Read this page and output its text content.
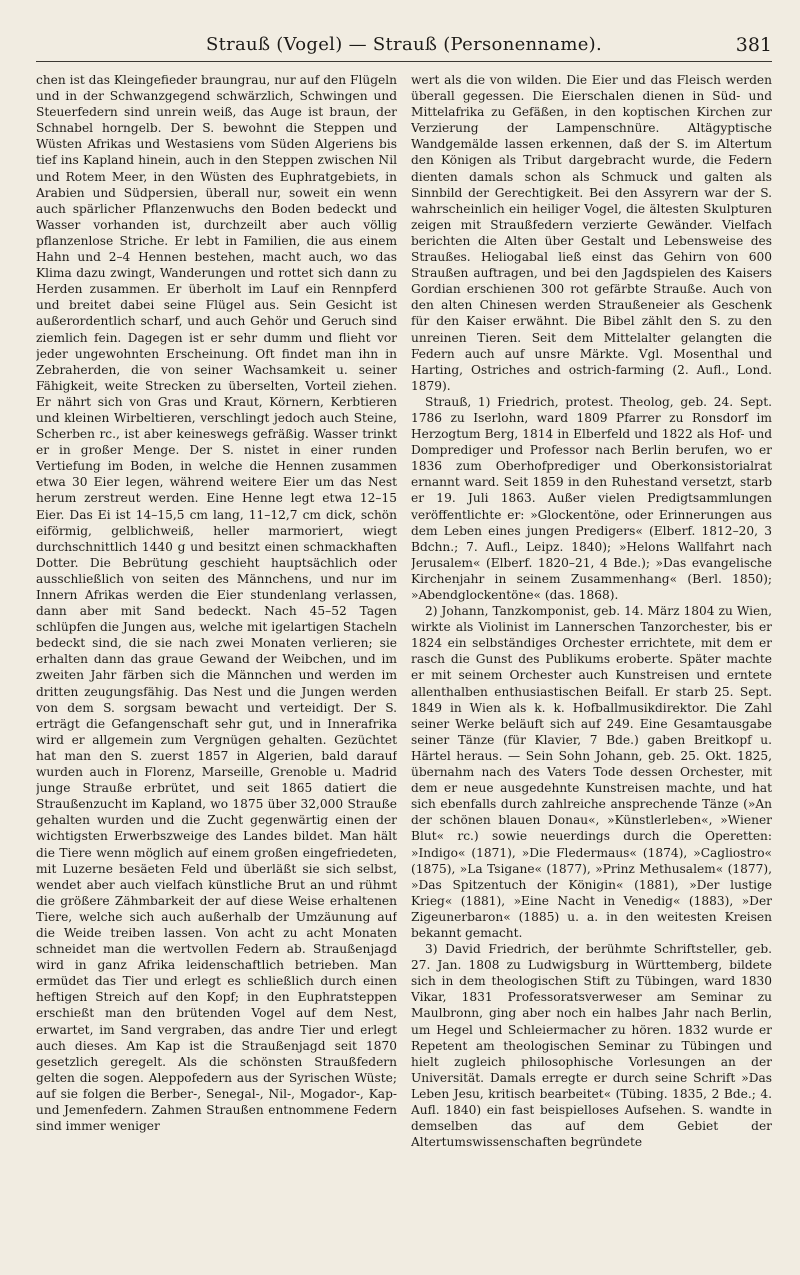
Strauß (Vogel) — Strauß (Personenname).	381

chen ist das Kleingefieder braungrau, nur auf den Flügeln und in der Schwanzgegend schwärzlich, Schwingen und Steuerfedern sind unrein weiß, das Auge ist braun, der Schnabel horngelb. Der S. bewohnt die Steppen und Wüsten Afrikas und Westasiens vom Süden Algeriens bis tief ins Kapland hinein, auch in den Steppen zwischen Nil und Rotem Meer, in den Wüsten des Euphratgebiets, in Arabien und Südpersien, überall nur, soweit ein wenn auch spärlicher Pflanzenwuchs den Boden bedeckt und Wasser vorhanden ist, durchzeilt aber auch völlig pflanzenlose Striche. Er lebt in Familien, die aus einem Hahn und 2–4 Hennen bestehen, macht auch, wo das Klima dazu zwingt, Wanderungen und rottet sich dann zu Herden zusammen. Er überholt im Lauf ein Rennpferd und breitet dabei seine Flügel aus. Sein Gesicht ist außerordentlich scharf, und auch Gehör und Geruch sind ziemlich fein. Dagegen ist er sehr dumm und flieht vor jeder ungewohnten Erscheinung. Oft findet man ihn in Zebraherden, die von seiner Wachsamkeit u. seiner Fähigkeit, weite Strecken zu überselten, Vorteil ziehen. Er nährt sich von Gras und Kraut, Körnern, Kerbtieren und kleinen Wirbeltieren, verschlingt jedoch auch Steine, Scherben rc., ist aber keineswegs gefräßig. Wasser trinkt er in großer Menge. Der S. nistet in einer runden Vertiefung im Boden, in welche die Hennen zusammen etwa 30 Eier legen, während weitere Eier um das Nest herum zerstreut werden. Eine Henne legt etwa 12–15 Eier. Das Ei ist 14–15,5 cm lang, 11–12,7 cm dick, schön eiförmig, gelblichweiß, heller marmoriert, wiegt durchschnittlich 1440 g und besitzt einen schmackhaften Dotter. Die Bebrütung geschieht hauptsächlich oder ausschließlich von seiten des Männchens, und nur im Innern Afrikas werden die Eier stundenlang verlassen, dann aber mit Sand bedeckt. Nach 45–52 Tagen schlüpfen die Jungen aus, welche mit igelartigen Stacheln bedeckt sind, die sie nach zwei Monaten verlieren; sie erhalten dann das graue Gewand der Weibchen, und im zweiten Jahr färben sich die Männchen und werden im dritten zeugungsfähig. Das Nest und die Jungen werden von dem S. sorgsam bewacht und verteidigt. Der S. erträgt die Gefangenschaft sehr gut, und in Innerafrika wird er allgemein zum Vergnügen gehalten. Gezüchtet hat man den S. zuerst 1857 in Algerien, bald darauf wurden auch in Florenz, Marseille, Grenoble u. Madrid junge Strauße erbrütet, und seit 1865 datiert die Straußenzucht im Kapland, wo 1875 über 32,000 Strauße gehalten wurden und die Zucht gegenwärtig einen der wichtigsten Erwerbszweige des Landes bildet. Man hält die Tiere wenn möglich auf einem großen eingefriedeten, mit Luzerne besäeten Feld und überläßt sie sich selbst, wendet aber auch vielfach künstliche Brut an und rühmt die größere Zähmbarkeit der auf diese Weise erhaltenen Tiere, welche sich auch außerhalb der Umzäunung auf die Weide treiben lassen. Von acht zu acht Monaten schneidet man die wertvollen Federn ab. Straußenjagd wird in ganz Afrika leidenschaftlich betrieben. Man ermüdet das Tier und erlegt es schließlich durch einen heftigen Streich auf den Kopf; in den Euphratsteppen erschießt man den brütenden Vogel auf dem Nest, erwartet, im Sand vergraben, das andre Tier und erlegt auch dieses. Am Kap ist die Straußenjagd seit 1870 gesetzlich geregelt. Als die schönsten Straußfedern gelten die sogen. Aleppofedern aus der Syrischen Wüste; auf sie folgen die Berber-, Senegal-, Nil-, Mogador-, Kap- und Jemenfedern. Zahmen Straußen entnommene Federn sind immer weniger

wert als die von wilden. Die Eier und das Fleisch werden überall gegessen. Die Eierschalen dienen in Süd- und Mittelafrika zu Gefäßen, in den koptischen Kirchen zur Verzierung der Lampenschnüre. Altägyptische Wandgemälde lassen erkennen, daß der S. im Altertum den Königen als Tribut dargebracht wurde, die Federn dienten damals schon als Schmuck und galten als Sinnbild der Gerechtigkeit. Bei den Assyrern war der S. wahrscheinlich ein heiliger Vogel, die ältesten Skulpturen zeigen mit Straußfedern verzierte Gewänder. Vielfach berichten die Alten über Gestalt und Lebensweise des Straußes. Heliogabal ließ einst das Gehirn von 600 Straußen auftragen, und bei den Jagdspielen des Kaisers Gordian erschienen 300 rot gefärbte Strauße. Auch von den alten Chinesen werden Straußeneier als Geschenk für den Kaiser erwähnt. Die Bibel zählt den S. zu den unreinen Tieren. Seit dem Mittelalter gelangten die Federn auch auf unsre Märkte. Vgl. Mosenthal und Harting, Ostriches and ostrich-farming (2. Aufl., Lond. 1879).

Strauß, 1) Friedrich, protest. Theolog, geb. 24. Sept. 1786 zu Iserlohn, ward 1809 Pfarrer zu Ronsdorf im Herzogtum Berg, 1814 in Elberfeld und 1822 als Hof- und Domprediger und Professor nach Berlin berufen, wo er 1836 zum Oberhofprediger und Oberkonsistorialrat ernannt ward. Seit 1859 in den Ruhestand versetzt, starb er 19. Juli 1863. Außer vielen Predigtsammlungen veröffentlichte er: »Glockentöne, oder Erinnerungen aus dem Leben eines jungen Predigers« (Elberf. 1812–20, 3 Bdchn.; 7. Aufl., Leipz. 1840); »Helons Wallfahrt nach Jerusalem« (Elberf. 1820–21, 4 Bde.); »Das evangelische Kirchenjahr in seinem Zusammenhang« (Berl. 1850); »Abendglockentöne« (das. 1868).

2) Johann, Tanzkomponist, geb. 14. März 1804 zu Wien, wirkte als Violinist im Lannerschen Tanzorchester, bis er 1824 ein selbständiges Orchester errichtete, mit dem er rasch die Gunst des Publikums eroberte. Später machte er mit seinem Orchester auch Kunstreisen und erntete allenthalben enthusiastischen Beifall. Er starb 25. Sept. 1849 in Wien als k. k. Hofballmusikdirektor. Die Zahl seiner Werke beläuft sich auf 249. Eine Gesamtausgabe seiner Tänze (für Klavier, 7 Bde.) gaben Breitkopf u. Härtel heraus. — Sein Sohn Johann, geb. 25. Okt. 1825, übernahm nach des Vaters Tode dessen Orchester, mit dem er neue ausgedehnte Kunstreisen machte, und hat sich ebenfalls durch zahlreiche ansprechende Tänze (»An der schönen blauen Donau«, »Künstlerleben«, »Wiener Blut« rc.) sowie neuerdings durch die Operetten: »Indigo« (1871), »Die Fledermaus« (1874), »Cagliostro« (1875), »La Tsigane« (1877), »Prinz Methusalem« (1877), »Das Spitzentuch der Königin« (1881), »Der lustige Krieg« (1881), »Eine Nacht in Venedig« (1883), »Der Zigeunerbaron« (1885) u. a. in den weitesten Kreisen bekannt gemacht.

3) David Friedrich, der berühmte Schriftsteller, geb. 27. Jan. 1808 zu Ludwigsburg in Württemberg, bildete sich in dem theologischen Stift zu Tübingen, ward 1830 Vikar, 1831 Professoratsverweser am Seminar zu Maulbronn, ging aber noch ein halbes Jahr nach Berlin, um Hegel und Schleiermacher zu hören. 1832 wurde er Repetent am theologischen Seminar zu Tübingen und hielt zugleich philosophische Vorlesungen an der Universität. Damals erregte er durch seine Schrift »Das Leben Jesu, kritisch bearbeitet« (Tübing. 1835, 2 Bde.; 4. Aufl. 1840) ein fast beispielloses Aufsehen. S. wandte in demselben das auf dem Gebiet der Altertumswissenschaften begründete
